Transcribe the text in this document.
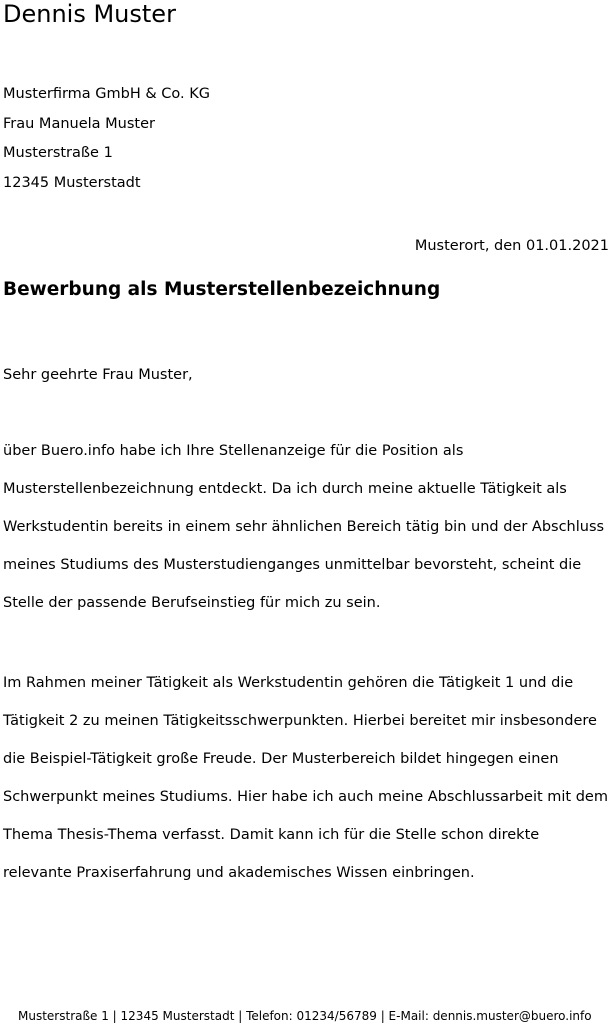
Dennis Muster
Musterfirma GmbH & Co. KG
Frau Manuela Muster
Musterstraße 1
12345 Musterstadt
Musterort, den 01.01.2021
Bewerbung als Musterstellenbezeichnung
Sehr geehrte Frau Muster,
über Buero.info habe ich Ihre Stellenanzeige für die Position als
Musterstellenbezeichnung entdeckt. Da ich durch meine aktuelle Tätigkeit als
Werkstudentin bereits in einem sehr ähnlichen Bereich tätig bin und der Abschluss
meines Studiums des Musterstudienganges unmittelbar bevorsteht, scheint die
Stelle der passende Berufseinstieg für mich zu sein.
Im Rahmen meiner Tätigkeit als Werkstudentin gehören die Tätigkeit 1 und die
Tätigkeit 2 zu meinen Tätigkeitsschwerpunkten. Hierbei bereitet mir insbesondere
die Beispiel-Tätigkeit große Freude. Der Musterbereich bildet hingegen einen
Schwerpunkt meines Studiums. Hier habe ich auch meine Abschlussarbeit mit dem
Thema Thesis-Thema verfasst. Damit kann ich für die Stelle schon direkte
relevante Praxiserfahrung und akademisches Wissen einbringen.
Musterstraße 1 | 12345 Musterstadt | Telefon: 01234/56789 | E-Mail: dennis.muster@buero.info
